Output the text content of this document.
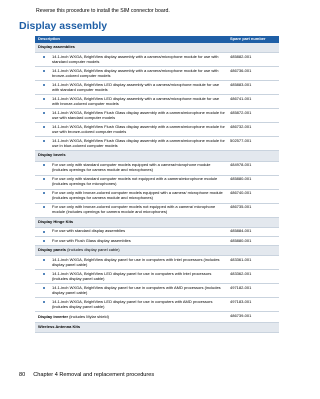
Reverse this procedure to install the SIM connector board.

Display assembly
Description	Spare part number
Display assemblies	

14.1-inch WXGA, BrightView display assembly with a camera/microphone module for use with standard computer models	485882-001

14.1-inch WXGA, BrightView display assembly with a camera/microphone module for use with bronze-colored computer models	486736-001

14.1-inch WXGA, BrightView LED display assembly with a camera/microphone module for use with standard computer models	485883-001

14.1-inch WXGA, BrightView LED display assembly with a camera/microphone module for use with bronze-colored computer models	486741-001

14.1-inch WXGA, BrightView Flush Glass display assembly with a camera/microphone module for use with standard computer models	485872-001

14.1-inch WXGA, BrightView Flush Glass display assembly with a camera/microphone module for use with bronze-colored computer models	486732-001

14.1-inch WXGA, BrightView Flush Glass display assembly with a camera/microphone module for use in blue-colored computer models	502577-001
Display bezels	

For use only with standard computer models equipped with a camera/microphone module (includes openings for camera module and microphones)	484978-001

For use only with standard computer models not equipped with a camera/microphone module (includes openings for microphones)	485880-001

For use only with bronze-colored computer models equipped with a camera/ microphone module (includes openings for camera module and microphones)	486740-001

For use only with bronze-colored computer models not equipped with a camera/ microphone module (includes openings for camera module and microphones)	486735-001
Display Hinge Kits	

For use with standard display assemblies	485884-001

For use with Flush Glass display assemblies	485880-001
Display panels (includes display panel cable)	

14.1-inch WXGA, BrightView display panel for use in computers with Intel processors (includes display panel cable)	483361-001

14.1-inch WXGA, BrightView LED display panel for use in computers with Intel processors (includes display panel cable)	483362-001

14.1-inch WXGA, BrightView display panel for use in computers with AMD processors (includes display panel cable)	497182-001

14.1-inch WXGA, BrightView LED display panel for use in computers with AMD processors (includes display panel cable)	497183-001
Display inverter (includes Mylar shield)	486739-001
Wireless Antenna Kits	

80 Chapter 4 Removal and replacement procedures
